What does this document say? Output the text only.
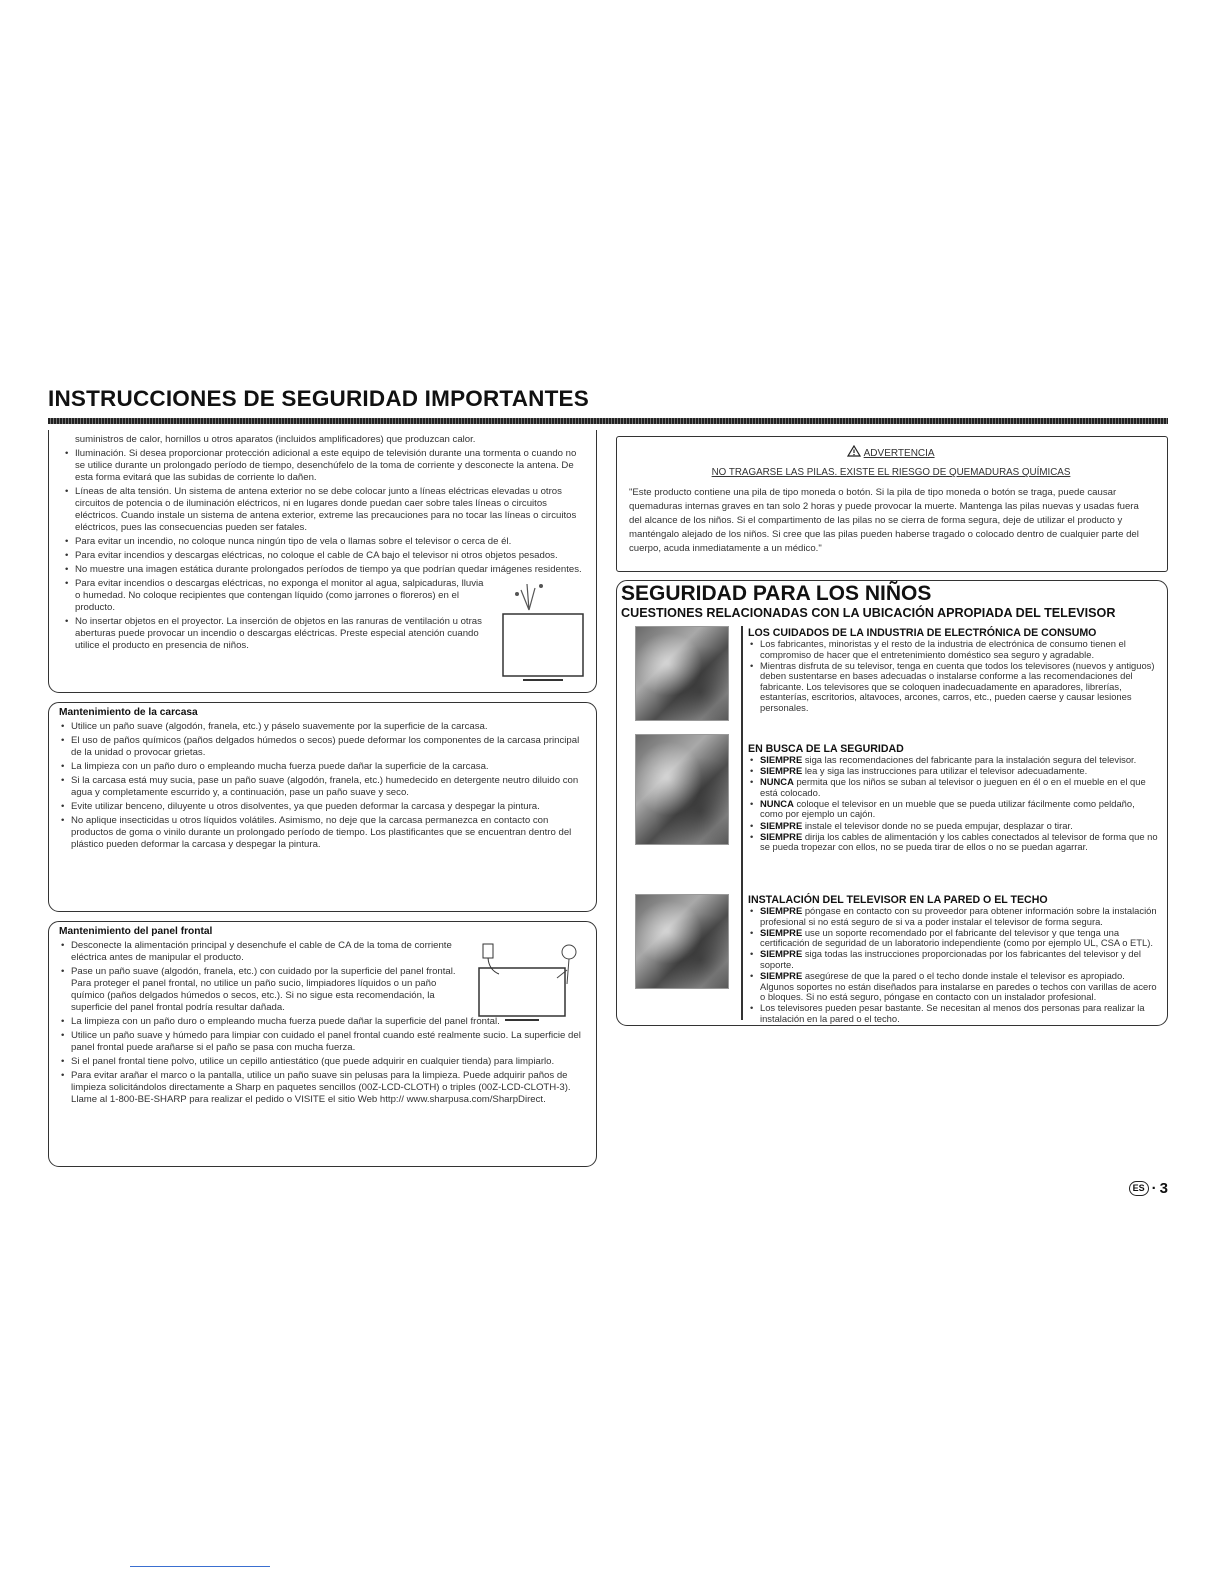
INSTRUCCIONES DE SEGURIDAD IMPORTANTES
suministros de calor, hornillos u otros aparatos (incluidos amplificadores) que produzcan calor.
• Iluminación. Si desea proporcionar protección adicional a este equipo de televisión durante una tormenta o cuando no se utilice durante un prolongado período de tiempo, desenchúfelo de la toma de corriente y desconecte la antena. De esta forma evitará que las subidas de corriente lo dañen.
• Líneas de alta tensión. Un sistema de antena exterior no se debe colocar junto a líneas eléctricas elevadas u otros circuitos de potencia o de iluminación eléctricos, ni en lugares donde puedan caer sobre tales líneas o circuitos eléctricos. Cuando instale un sistema de antena exterior, extreme las precauciones para no tocar las líneas o circuitos eléctricos, pues las consecuencias pueden ser fatales.
• Para evitar un incendio, no coloque nunca ningún tipo de vela o llamas sobre el televisor o cerca de él.
• Para evitar incendios y descargas eléctricas, no coloque el cable de CA bajo el televisor ni otros objetos pesados.
• No muestre una imagen estática durante prolongados períodos de tiempo ya que podrían quedar imágenes residentes.
• Para evitar incendios o descargas eléctricas, no exponga el monitor al agua, salpicaduras, lluvia o humedad. No coloque recipientes que contengan líquido (como jarrones o floreros) en el producto.
• No insertar objetos en el proyector. La inserción de objetos en las ranuras de ventilación u otras aberturas puede provocar un incendio o descargas eléctricas. Preste especial atención cuando utilice el producto en presencia de niños.
Mantenimiento de la carcasa
• Utilice un paño suave (algodón, franela, etc.) y páselo suavemente por la superficie de la carcasa.
• El uso de paños químicos (paños delgados húmedos o secos) puede deformar los componentes de la carcasa principal de la unidad o provocar grietas.
• La limpieza con un paño duro o empleando mucha fuerza puede dañar la superficie de la carcasa.
• Si la carcasa está muy sucia, pase un paño suave (algodón, franela, etc.) humedecido en detergente neutro diluido con agua y completamente escurrido y, a continuación, pase un paño suave y seco.
• Evite utilizar benceno, diluyente u otros disolventes, ya que pueden deformar la carcasa y despegar la pintura.
• No aplique insecticidas u otros líquidos volátiles. Asimismo, no deje que la carcasa permanezca en contacto con productos de goma o vinilo durante un prolongado período de tiempo. Los plastificantes que se encuentran dentro del plástico pueden deformar la carcasa y despegar la pintura.
Mantenimiento del panel frontal
• Desconecte la alimentación principal y desenchufe el cable de CA de la toma de corriente eléctrica antes de manipular el producto.
• Pase un paño suave (algodón, franela, etc.) con cuidado por la superficie del panel frontal. Para proteger el panel frontal, no utilice un paño sucio, limpiadores líquidos o un paño químico (paños delgados húmedos o secos, etc.). Si no sigue esta recomendación, la superficie del panel frontal podría resultar dañada.
• La limpieza con un paño duro o empleando mucha fuerza puede dañar la superficie del panel frontal.
• Utilice un paño suave y húmedo para limpiar con cuidado el panel frontal cuando esté realmente sucio. La superficie del panel frontal puede arañarse si el paño se pasa con mucha fuerza.
• Si el panel frontal tiene polvo, utilice un cepillo antiestático (que puede adquirir en cualquier tienda) para limpiarlo.
• Para evitar arañar el marco o la pantalla, utilice un paño suave sin pelusas para la limpieza. Puede adquirir paños de limpieza solicitándolos directamente a Sharp en paquetes sencillos (00Z-LCD-CLOTH) o triples (00Z-LCD-CLOTH-3). Llame al 1-800-BE-SHARP para realizar el pedido o VISITE el sitio Web http:// www.sharpusa.com/SharpDirect.
ADVERTENCIA
NO TRAGARSE LAS PILAS. EXISTE EL RIESGO DE QUEMADURAS QUÍMICAS
"Este producto contiene una pila de tipo moneda o botón. Si la pila de tipo moneda o botón se traga, puede causar quemaduras internas graves en tan solo 2 horas y puede provocar la muerte. Mantenga las pilas nuevas y usadas fuera del alcance de los niños. Si el compartimento de las pilas no se cierra de forma segura, deje de utilizar el producto y manténgalo alejado de los niños. Si cree que las pilas pueden haberse tragado o colocado dentro de cualquier parte del cuerpo, acuda inmediatamente a un médico."
SEGURIDAD PARA LOS NIÑOS
CUESTIONES RELACIONADAS CON LA UBICACIÓN APROPIADA DEL TELEVISOR
LOS CUIDADOS DE LA INDUSTRIA DE ELECTRÓNICA DE CONSUMO
• Los fabricantes, minoristas y el resto de la industria de electrónica de consumo tienen el compromiso de hacer que el entretenimiento doméstico sea seguro y agradable.
• Mientras disfruta de su televisor, tenga en cuenta que todos los televisores (nuevos y antiguos) deben sustentarse en bases adecuadas o instalarse conforme a las recomendaciones del fabricante. Los televisores que se coloquen inadecuadamente en aparadores, librerías, estanterías, escritorios, altavoces, arcones, carros, etc., pueden caerse y causar lesiones personales.
EN BUSCA DE LA SEGURIDAD
• SIEMPRE siga las recomendaciones del fabricante para la instalación segura del televisor.
• SIEMPRE lea y siga las instrucciones para utilizar el televisor adecuadamente.
• NUNCA permita que los niños se suban al televisor o jueguen en él o en el mueble en el que está colocado.
• NUNCA coloque el televisor en un mueble que se pueda utilizar fácilmente como peldaño, como por ejemplo un cajón.
• SIEMPRE instale el televisor donde no se pueda empujar, desplazar o tirar.
• SIEMPRE dirija los cables de alimentación y los cables conectados al televisor de forma que no se pueda tropezar con ellos, no se pueda tirar de ellos o no se puedan agarrar.
INSTALACIÓN DEL TELEVISOR EN LA PARED O EL TECHO
• SIEMPRE póngase en contacto con su proveedor para obtener información sobre la instalación profesional si no está seguro de si va a poder instalar el televisor de forma segura.
• SIEMPRE use un soporte recomendado por el fabricante del televisor y que tenga una certificación de seguridad de un laboratorio independiente (como por ejemplo UL, CSA o ETL).
• SIEMPRE siga todas las instrucciones proporcionadas por los fabricantes del televisor y del soporte.
• SIEMPRE asegúrese de que la pared o el techo donde instale el televisor es apropiado.
Algunos soportes no están diseñados para instalarse en paredes o techos con varillas de acero o bloques. Si no está seguro, póngase en contacto con un instalador profesional.
• Los televisores pueden pesar bastante. Se necesitan al menos dos personas para realizar la instalación en la pared o el techo.
ES · 3
